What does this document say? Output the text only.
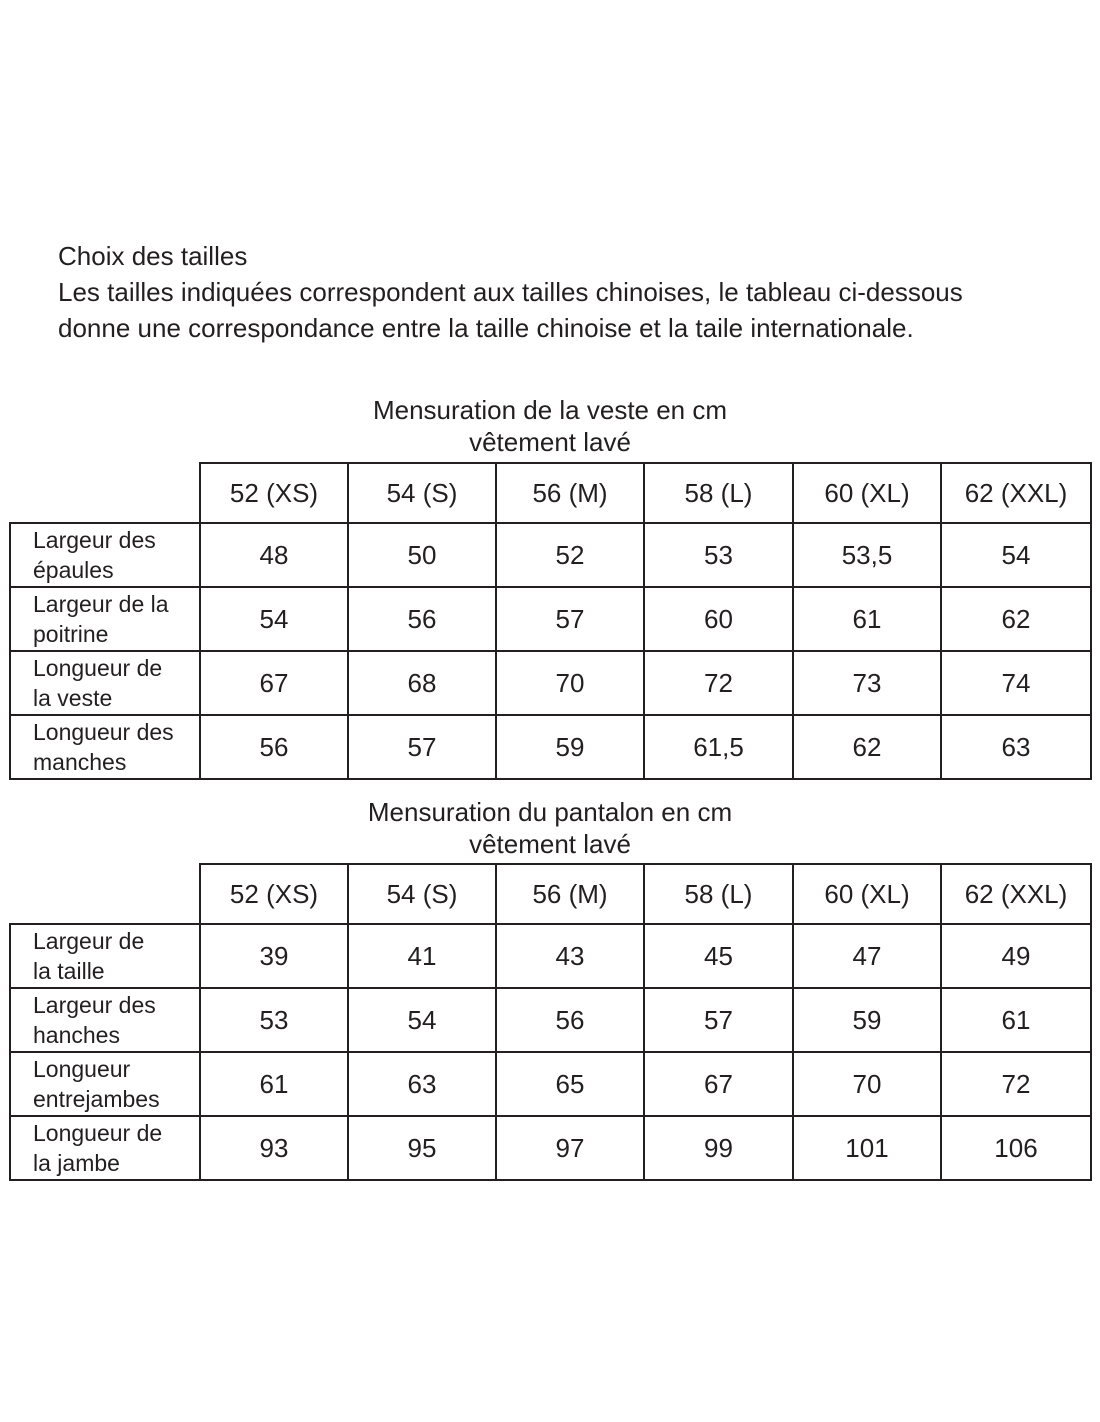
Choix des tailles
Les tailles indiquées correspondent aux tailles chinoises, le tableau ci-dessous
donne une correspondance entre la taille chinoise et la taile internationale.
Mensuration de la veste en cm
vêtement lavé
	52 (XS)	54 (S)	56 (M)	58 (L)	60 (XL)	62 (XXL)

Largeur des
épaules	48	50	52	53	53,5	54

Largeur de la
poitrine	54	56	57	60	61	62

Longueur de
la veste	67	68	70	72	73	74

Longueur des
manches	56	57	59	61,5	62	63
Mensuration du pantalon en cm
vêtement lavé
	52 (XS)	54 (S)	56 (M)	58 (L)	60 (XL)	62 (XXL)

Largeur de
la taille	39	41	43	45	47	49

Largeur des
hanches	53	54	56	57	59	61

Longueur
entrejambes	61	63	65	67	70	72

Longueur de
la jambe	93	95	97	99	101	106
